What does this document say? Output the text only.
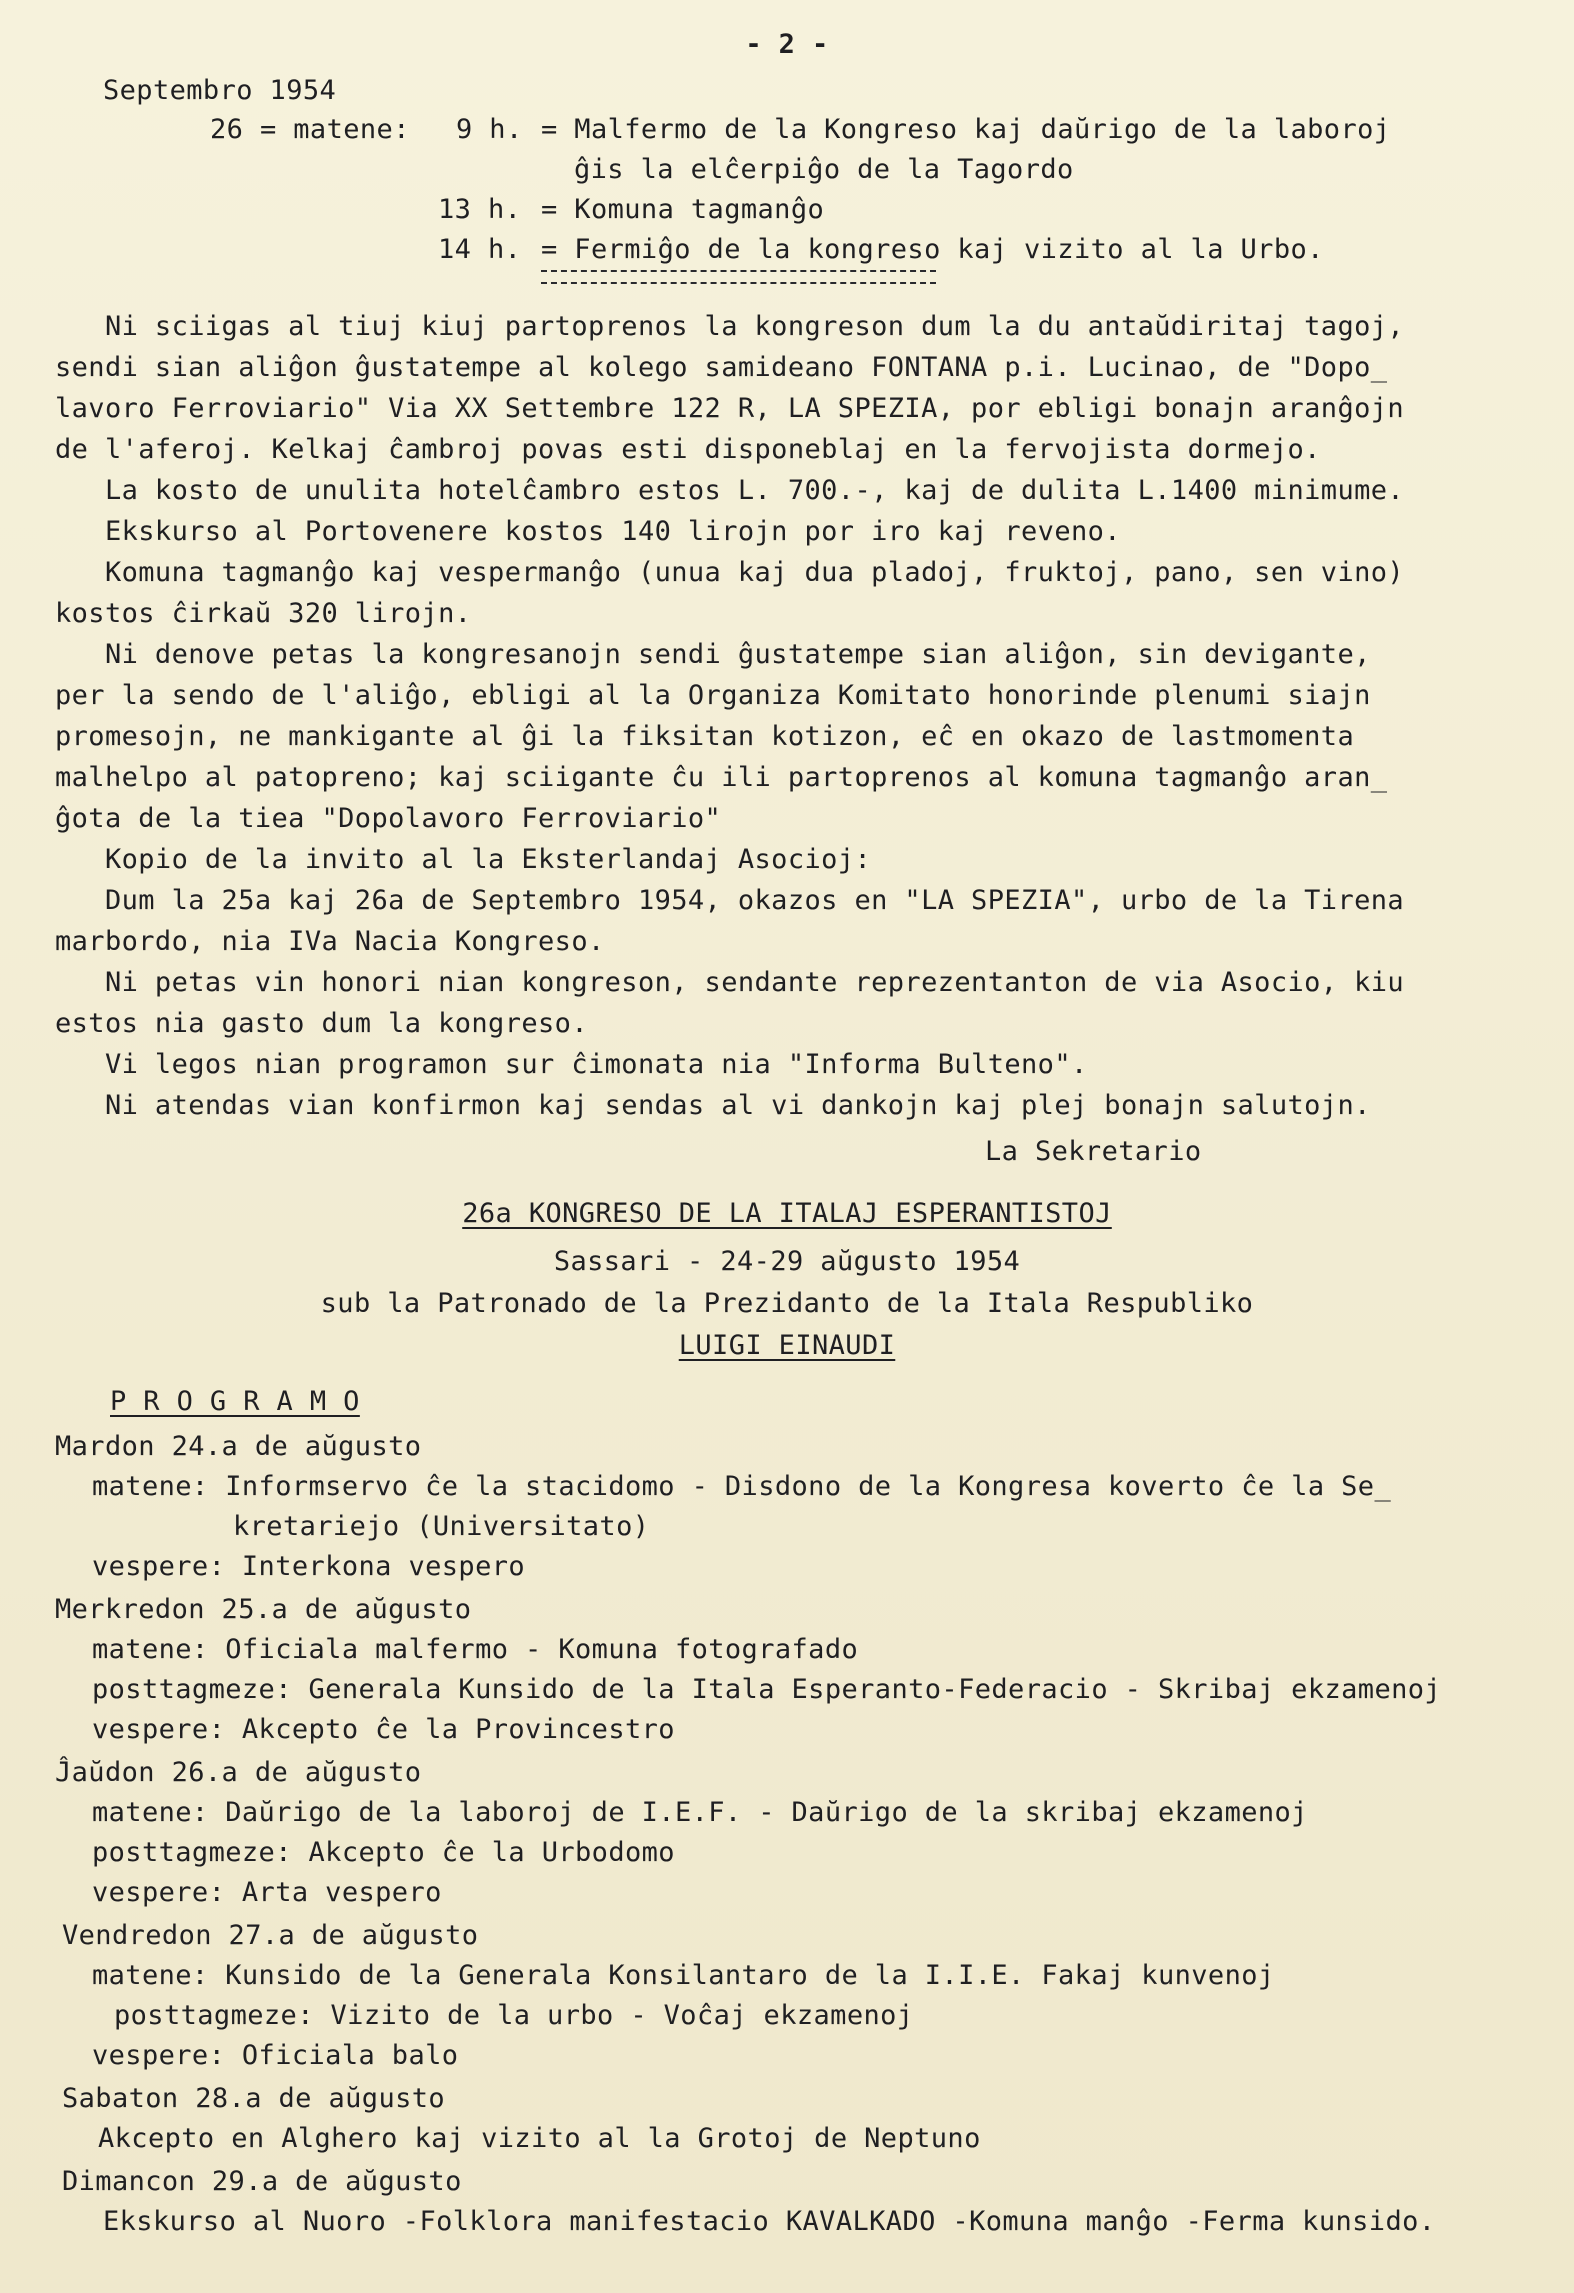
- 2 -
Septembro 1954
26 = matene: 9 h. = Malfermo de la Kongreso kaj daŭrigo de la laboroj
ĝis la elĉerpiĝo de la Tagordo
13 h. = Komuna tagmanĝo
14 h. = Fermiĝo de la kongreso kaj vizito al la Urbo.
Ni sciigas al tiuj kiuj partoprenos la kongreson dum la du antaŭdiritaj tagoj,
sendi sian aliĝon ĝustatempe al kolego samideano FONTANA p.i. Lucinao, de "Dopo_
lavoro Ferroviario" Via XX Settembre 122 R, LA SPEZIA, por ebligi bonajn aranĝojn
de l'aferoj. Kelkaj ĉambroj povas esti disponeblaj en la fervojista dormejo.
La kosto de unulita hotelĉambro estos L. 700.-, kaj de dulita L.1400 minimume.
Ekskurso al Portovenere kostos 140 lirojn por iro kaj reveno.
Komuna tagmanĝo kaj vespermanĝo (unua kaj dua pladoj, fruktoj, pano, sen vino)
kostos ĉirkaŭ 320 lirojn.
Ni denove petas la kongresanojn sendi ĝustatempe sian aliĝon, sin devigante,
per la sendo de l'aliĝo, ebligi al la Organiza Komitato honorinde plenumi siajn
promesojn, ne mankigante al ĝi la fiksitan kotizon, eĉ en okazo de lastmomenta
malhelpo al patopreno; kaj sciigante ĉu ili partoprenos al komuna tagmanĝo aran_
ĝota de la tiea "Dopolavoro Ferroviario"
Kopio de la invito al la Eksterlandaj Asocioj:
Dum la 25a kaj 26a de Septembro 1954, okazos en "LA SPEZIA", urbo de la Tirena
marbordo, nia IVa Nacia Kongreso.
Ni petas vin honori nian kongreson, sendante reprezentanton de via Asocio, kiu
estos nia gasto dum la kongreso.
Vi legos nian programon sur ĉimonata nia "Informa Bulteno".
Ni atendas vian konfirmon kaj sendas al vi dankojn kaj plej bonajn salutojn.
La Sekretario
26a KONGRESO DE LA ITALAJ ESPERANTISTOJ
Sassari - 24-29 aŭgusto 1954
sub la Patronado de la Prezidanto de la Itala Respubliko
LUIGI EINAUDI
P R O G R A M O
Mardon 24.a de aŭgusto
matene: Informservo ĉe la stacidomo - Disdono de la Kongresa koverto ĉe la Se_
kretariejo (Universitato)
vespere: Interkona vespero
Merkredon 25.a de aŭgusto
matene: Oficiala malfermo - Komuna fotografado
posttagmeze: Generala Kunsido de la Itala Esperanto-Federacio - Skribaj ekzamenoj
vespere: Akcepto ĉe la Provincestro
Ĵaŭdon 26.a de aŭgusto
matene: Daŭrigo de la laboroj de I.E.F. - Daŭrigo de la skribaj ekzamenoj
posttagmeze: Akcepto ĉe la Urbodomo
vespere: Arta vespero
Vendredon 27.a de aŭgusto
matene: Kunsido de la Generala Konsilantaro de la I.I.E. Fakaj kunvenoj
posttagmeze: Vizito de la urbo - Voĉaj ekzamenoj
vespere: Oficiala balo
Sabaton 28.a de aŭgusto
Akcepto en Alghero kaj vizito al la Grotoj de Neptuno
Dimancon 29.a de aŭgusto
Ekskurso al Nuoro -Folklora manifestacio KAVALKADO -Komuna manĝo -Ferma kunsido.
